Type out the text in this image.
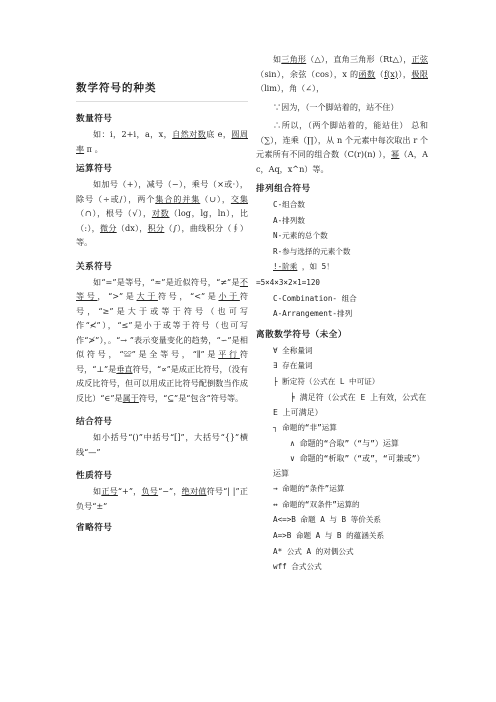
数学符号的种类
数量符号

如：i，2+i，a，x，自然对数底 e，圆周率 π 。

运算符号

如加号（+），减号（−），乘号（×或·），除号（÷或/），两个集合的并集（∪），交集（∩），根号（√），对数（log，lg，ln），比（:），微分（dx），积分（∫），曲线积分（∮）等。

关系符号

如“=”是等号，“≈”是近似符号，“≠”是不等号，“>”是大于符号，“<”是小于符号，“≥”是大于或等于符号（也可写作“≮”），“≤”是小于或等于符号（也可写作“≯”），。“→ ”表示变量变化的趋势，“∽”是相似符号，“≌”是全等号，“∥”是平行符号，“⊥”是垂直符号，“∝”是成正比符号，（没有成反比符号，但可以用成正比符号配倒数当作成反比）“∈”是属于符号，“⊆”是“包含”符号等。

结合符号

如小括号“()”中括号“[]”，大括号“{}”横线“—”

性质符号

如正号“+”，负号“−”，绝对值符号“| |”正负号“±”

省略符号

如三角形（△），直角三角形（Rt△），正弦（sin），余弦（cos），x 的函数（f(x)），极限（lim），角（∠），

∵因为，（一个脚站着的，站不住）

∴所以，（两个脚站着的，能站住） 总和（∑），连乘（∏），从 n 个元素中每次取出 r 个元素所有不同的组合数（C(r)(n) ），幂（A，Ac，Aq，x^n）等。

排列组合符号
C-组合数
A-排列数
N-元素的总个数
R-参与选择的元素个数
!-阶乘 ，如 5！
=5×4×3×2×1=120
C-Combination- 组合
A-Arrangement-排列
离散数学符号（未全）
∀ 全称量词
∃ 存在量词
├ 断定符（公式在 L 中可证）
╞ 满足符（公式在 E 上有效，公式在 E 上可满足）
┐ 命题的“非”运算
∧ 命题的“合取”（“与”）运算
∨ 命题的“析取”（“或”，“可兼或”）运算
→ 命题的“条件”运算
↔ 命题的“双条件”运算的
A<=>B 命题 A 与 B 等价关系
A=>B 命题 A 与 B 的蕴涵关系
A* 公式 A 的对偶公式
wff 合式公式
